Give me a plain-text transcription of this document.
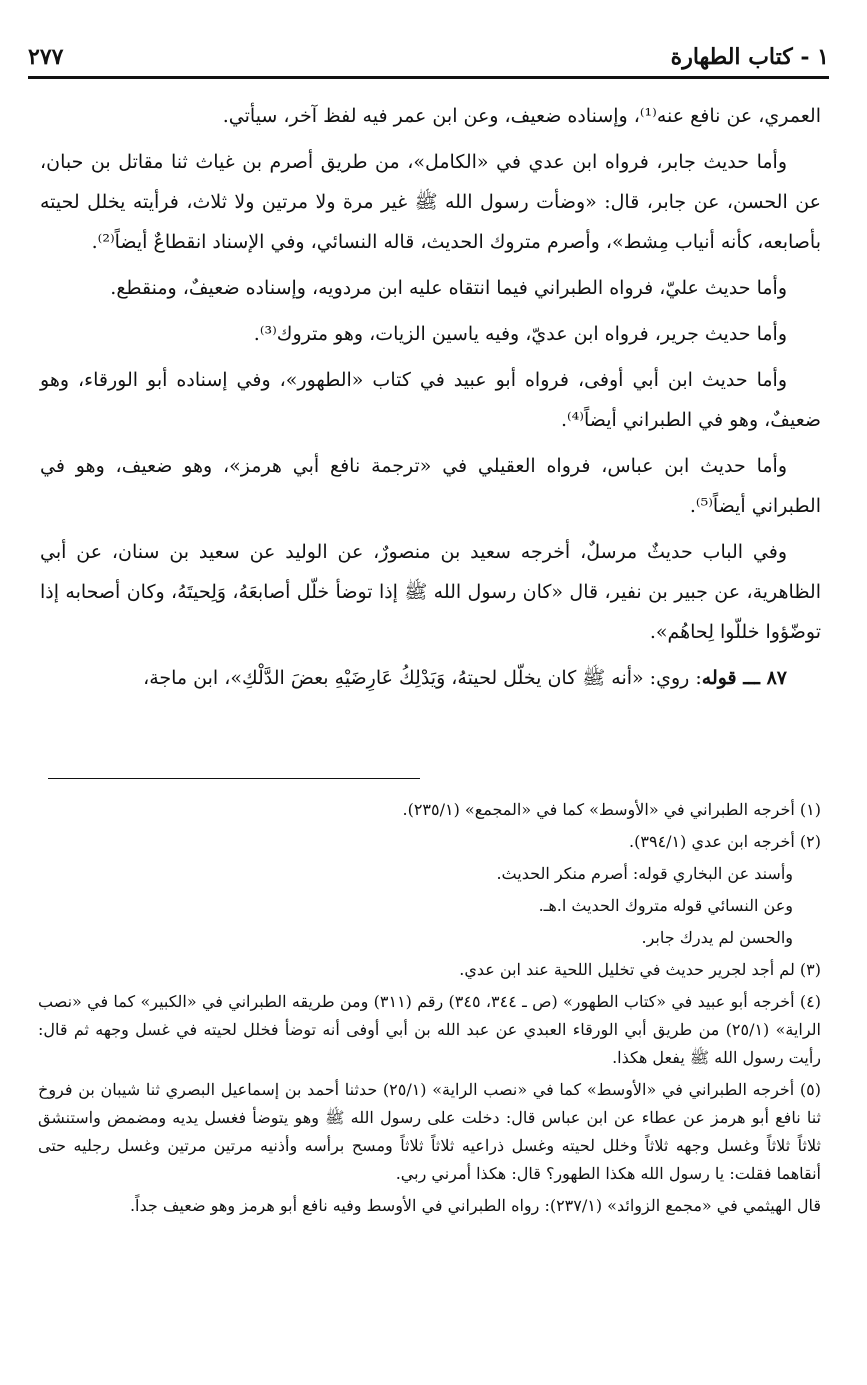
١ - كتاب الطهارة
٢٧٧

العمري، عن نافع عنه⁽¹⁾، وإسناده ضعيف، وعن ابن عمر فيه لفظ آخر، سيأتي.

وأما حديث جابر، فرواه ابن عدي في «الكامل»، من طريق أصرم بن غياث ثنا مقاتل بن حبان، عن الحسن، عن جابر، قال: «وضأت رسول الله ﷺ غير مرة ولا مرتين ولا ثلاث، فرأيته يخلل لحيته بأصابعه، كأنه أنياب مِشط»، وأصرم متروك الحديث، قاله النسائي، وفي الإسناد انقطاعٌ أيضاً⁽²⁾.

وأما حديث عليّ، فرواه الطبراني فيما انتقاه عليه ابن مردويه، وإسناده ضعيفٌ، ومنقطع.

وأما حديث جرير، فرواه ابن عديّ، وفيه ياسين الزيات، وهو متروك⁽³⁾.

وأما حديث ابن أبي أوفى، فرواه أبو عبيد في كتاب «الطهور»، وفي إسناده أبو الورقاء، وهو ضعيفٌ، وهو في الطبراني أيضاً⁽⁴⁾.

وأما حديث ابن عباس، فرواه العقيلي في «ترجمة نافع أبي هرمز»، وهو ضعيف، وهو في الطبراني أيضاً⁽⁵⁾.

وفي الباب حديثٌ مرسلٌ، أخرجه سعيد بن منصورٌ، عن الوليد عن سعيد بن سنان، عن أبي الظاهرية، عن جبير بن نفير، قال «كان رسول الله ﷺ إذا توضأ خلّل أصابعَهُ، وَلِحيتَهُ، وكان أصحابه إذا توضّؤوا خللّوا لِحاهُم».

٨٧ ـــ قوله: روي: «أنه ﷺ كان يخلّل لحيتهُ، وَيَدْلِكُ عَارِضَيْهِ بعضَ الدَّلْكِ»، ابن ماجة،

(١) أخرجه الطبراني في «الأوسط» كما في «المجمع» (٢٣٥/١).

(٢) أخرجه ابن عدي (٣٩٤/١).

وأسند عن البخاري قوله: أصرم منكر الحديث.

وعن النسائي قوله متروك الحديث ا.هـ.

والحسن لم يدرك جابر.

(٣) لم أجد لجرير حديث في تخليل اللحية عند ابن عدي.

(٤) أخرجه أبو عبيد في «كتاب الطهور» (ص ـ ٣٤٤، ٣٤٥) رقم (٣١١) ومن طريقه الطبراني في «الكبير» كما في «نصب الراية» (٢٥/١) من طريق أبي الورقاء العبدي عن عبد الله بن أبي أوفى أنه توضأ فخلل لحيته في غسل وجهه ثم قال: رأيت رسول الله ﷺ يفعل هكذا.

(٥) أخرجه الطبراني في «الأوسط» كما في «نصب الراية» (٢٥/١) حدثنا أحمد بن إسماعيل البصري ثنا شيبان بن فروخ ثنا نافع أبو هرمز عن عطاء عن ابن عباس قال: دخلت على رسول الله ﷺ وهو يتوضأ فغسل يديه ومضمض واستنشق ثلاثاً ثلاثاً وغسل وجهه ثلاثاً وخلل لحيته وغسل ذراعيه ثلاثاً ثلاثاً ومسح برأسه وأذنيه مرتين مرتين وغسل رجليه حتى أنقاهما فقلت: يا رسول الله هكذا الطهور؟ قال: هكذا أمرني ربي.

قال الهيثمي في «مجمع الزوائد» (٢٣٧/١): رواه الطبراني في الأوسط وفيه نافع أبو هرمز وهو ضعيف جداً.
